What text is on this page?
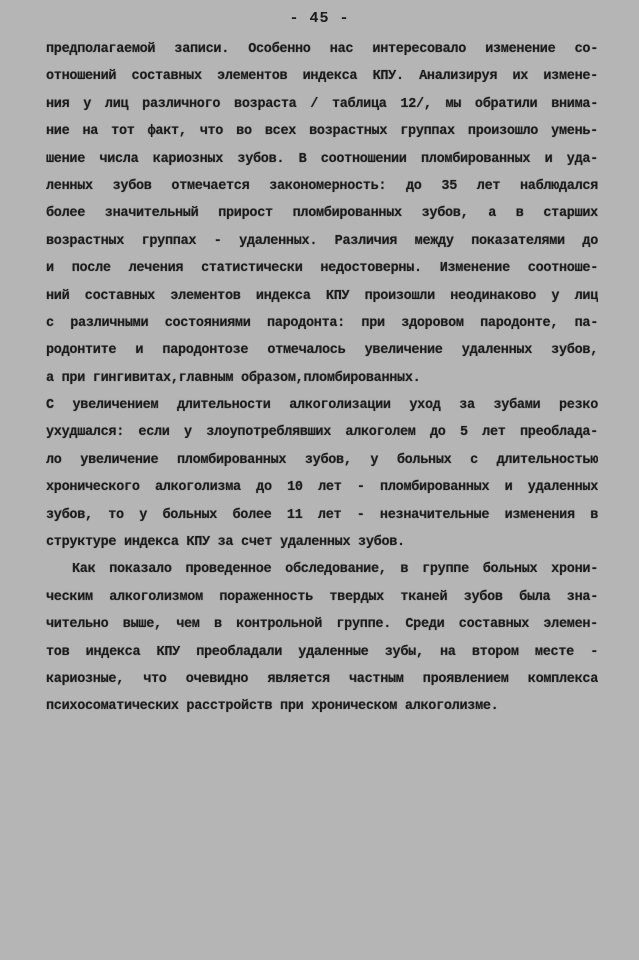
- 45 -
предполагаемой записи. Особенно нас интересовало изменение со-
отношений составных элементов индекса КПУ. Анализируя их измене-
ния у лиц различного возраста / таблица 12/, мы обратили внима-
ние на тот факт, что во всех возрастных группах произошло умень-
шение числа кариозных зубов. В соотношении пломбированных и уда-
ленных зубов отмечается закономерность: до 35 лет наблюдался
более значительный прирост пломбированных зубов, а в старших
возрастных группах - удаленных. Различия между показателями до
и после лечения статистически недостоверны. Изменение соотноше-
ний составных элементов индекса КПУ произошли неодинаково у лиц
с различными состояниями пародонта: при здоровом пародонте, па-
родонтите и пародонтозе отмечалось увеличение удаленных зубов,
а при гингивитах,главным образом,пломбированных.
С увеличением длительности алкоголизации уход за зубами резко
ухудшался: если у злоупотреблявших алкоголем до 5 лет преоблада-
ло увеличение пломбированных зубов, у больных с длительностью
хронического алкоголизма до 10 лет - пломбированных и удаленных
зубов, то у больных более 11 лет - незначительные изменения в
структуре индекса КПУ за счет удаленных зубов.
Как показало проведенное обследование, в группе больных хрони-
ческим алкоголизмом пораженность твердых тканей зубов была зна-
чительно выше, чем в контрольной группе. Среди составных элемен-
тов индекса КПУ преобладали удаленные зубы, на втором месте -
кариозные, что очевидно является частным проявлением комплекса
психосоматических расстройств при хроническом алкоголизме.
